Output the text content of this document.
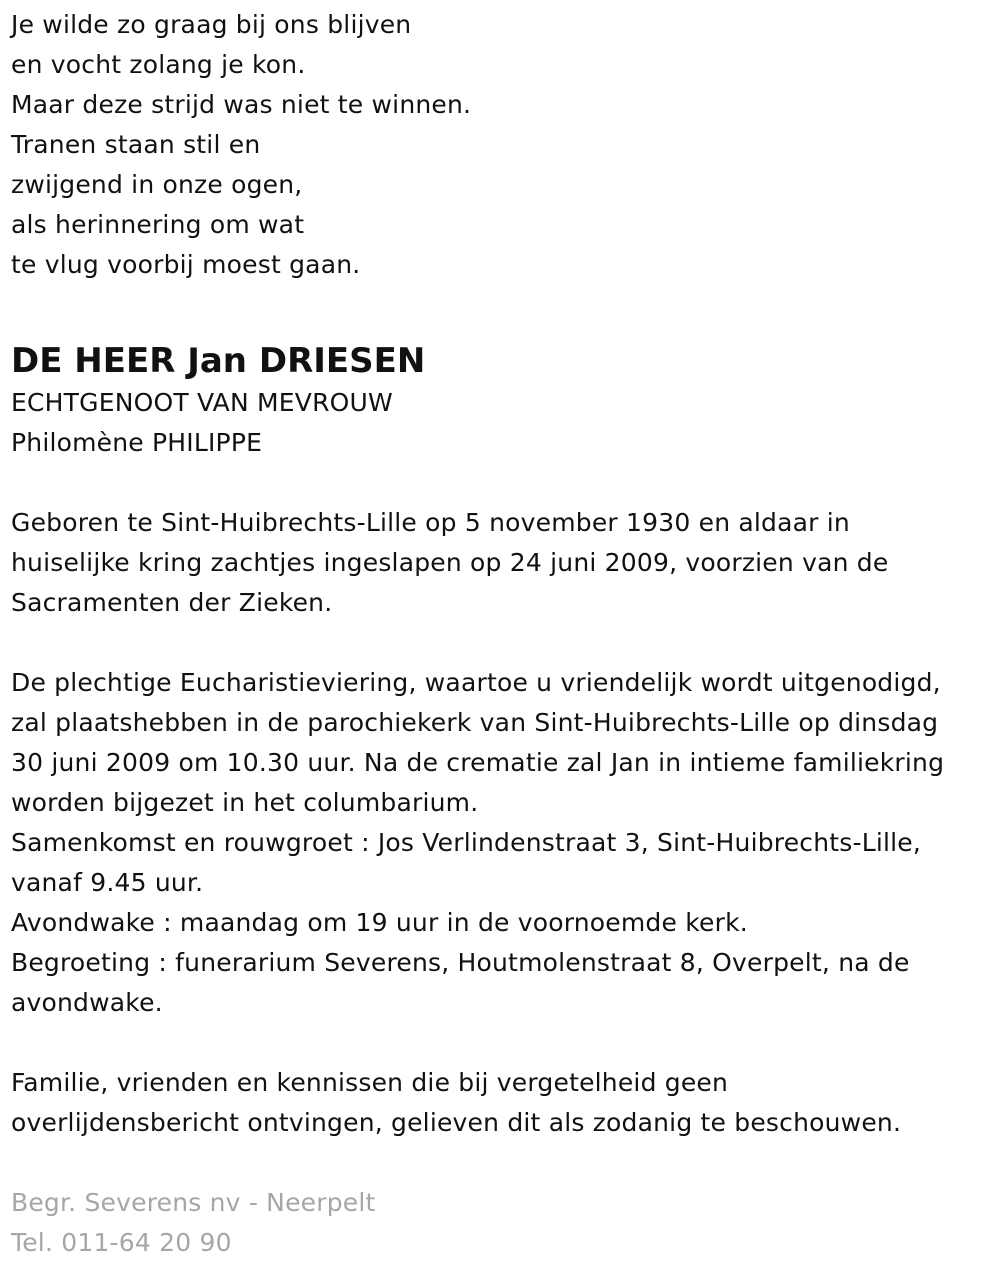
Je wilde zo graag bij ons blijven
en vocht zolang je kon.
Maar deze strijd was niet te winnen.
Tranen staan stil en
zwijgend in onze ogen,
als herinnering om wat
te vlug voorbij moest gaan.
DE HEER Jan DRIESEN
ECHTGENOOT VAN MEVROUW
Philomène PHILIPPE
Geboren te Sint-Huibrechts-Lille op 5 november 1930 en aldaar in
huiselijke kring zachtjes ingeslapen op 24 juni 2009, voorzien van de
Sacramenten der Zieken.
De plechtige Eucharistieviering, waartoe u vriendelijk wordt uitgenodigd,
zal plaatshebben in de parochiekerk van Sint-Huibrechts-Lille op dinsdag
30 juni 2009 om 10.30 uur. Na de crematie zal Jan in intieme familiekring
worden bijgezet in het columbarium.
Samenkomst en rouwgroet : Jos Verlindenstraat 3, Sint-Huibrechts-Lille,
vanaf 9.45 uur.
Avondwake : maandag om 19 uur in de voornoemde kerk.
Begroeting : funerarium Severens, Houtmolenstraat 8, Overpelt, na de
avondwake.
Familie, vrienden en kennissen die bij vergetelheid geen
overlijdensbericht ontvingen, gelieven dit als zodanig te beschouwen.
Begr. Severens nv - Neerpelt
Tel. 011-64 20 90
